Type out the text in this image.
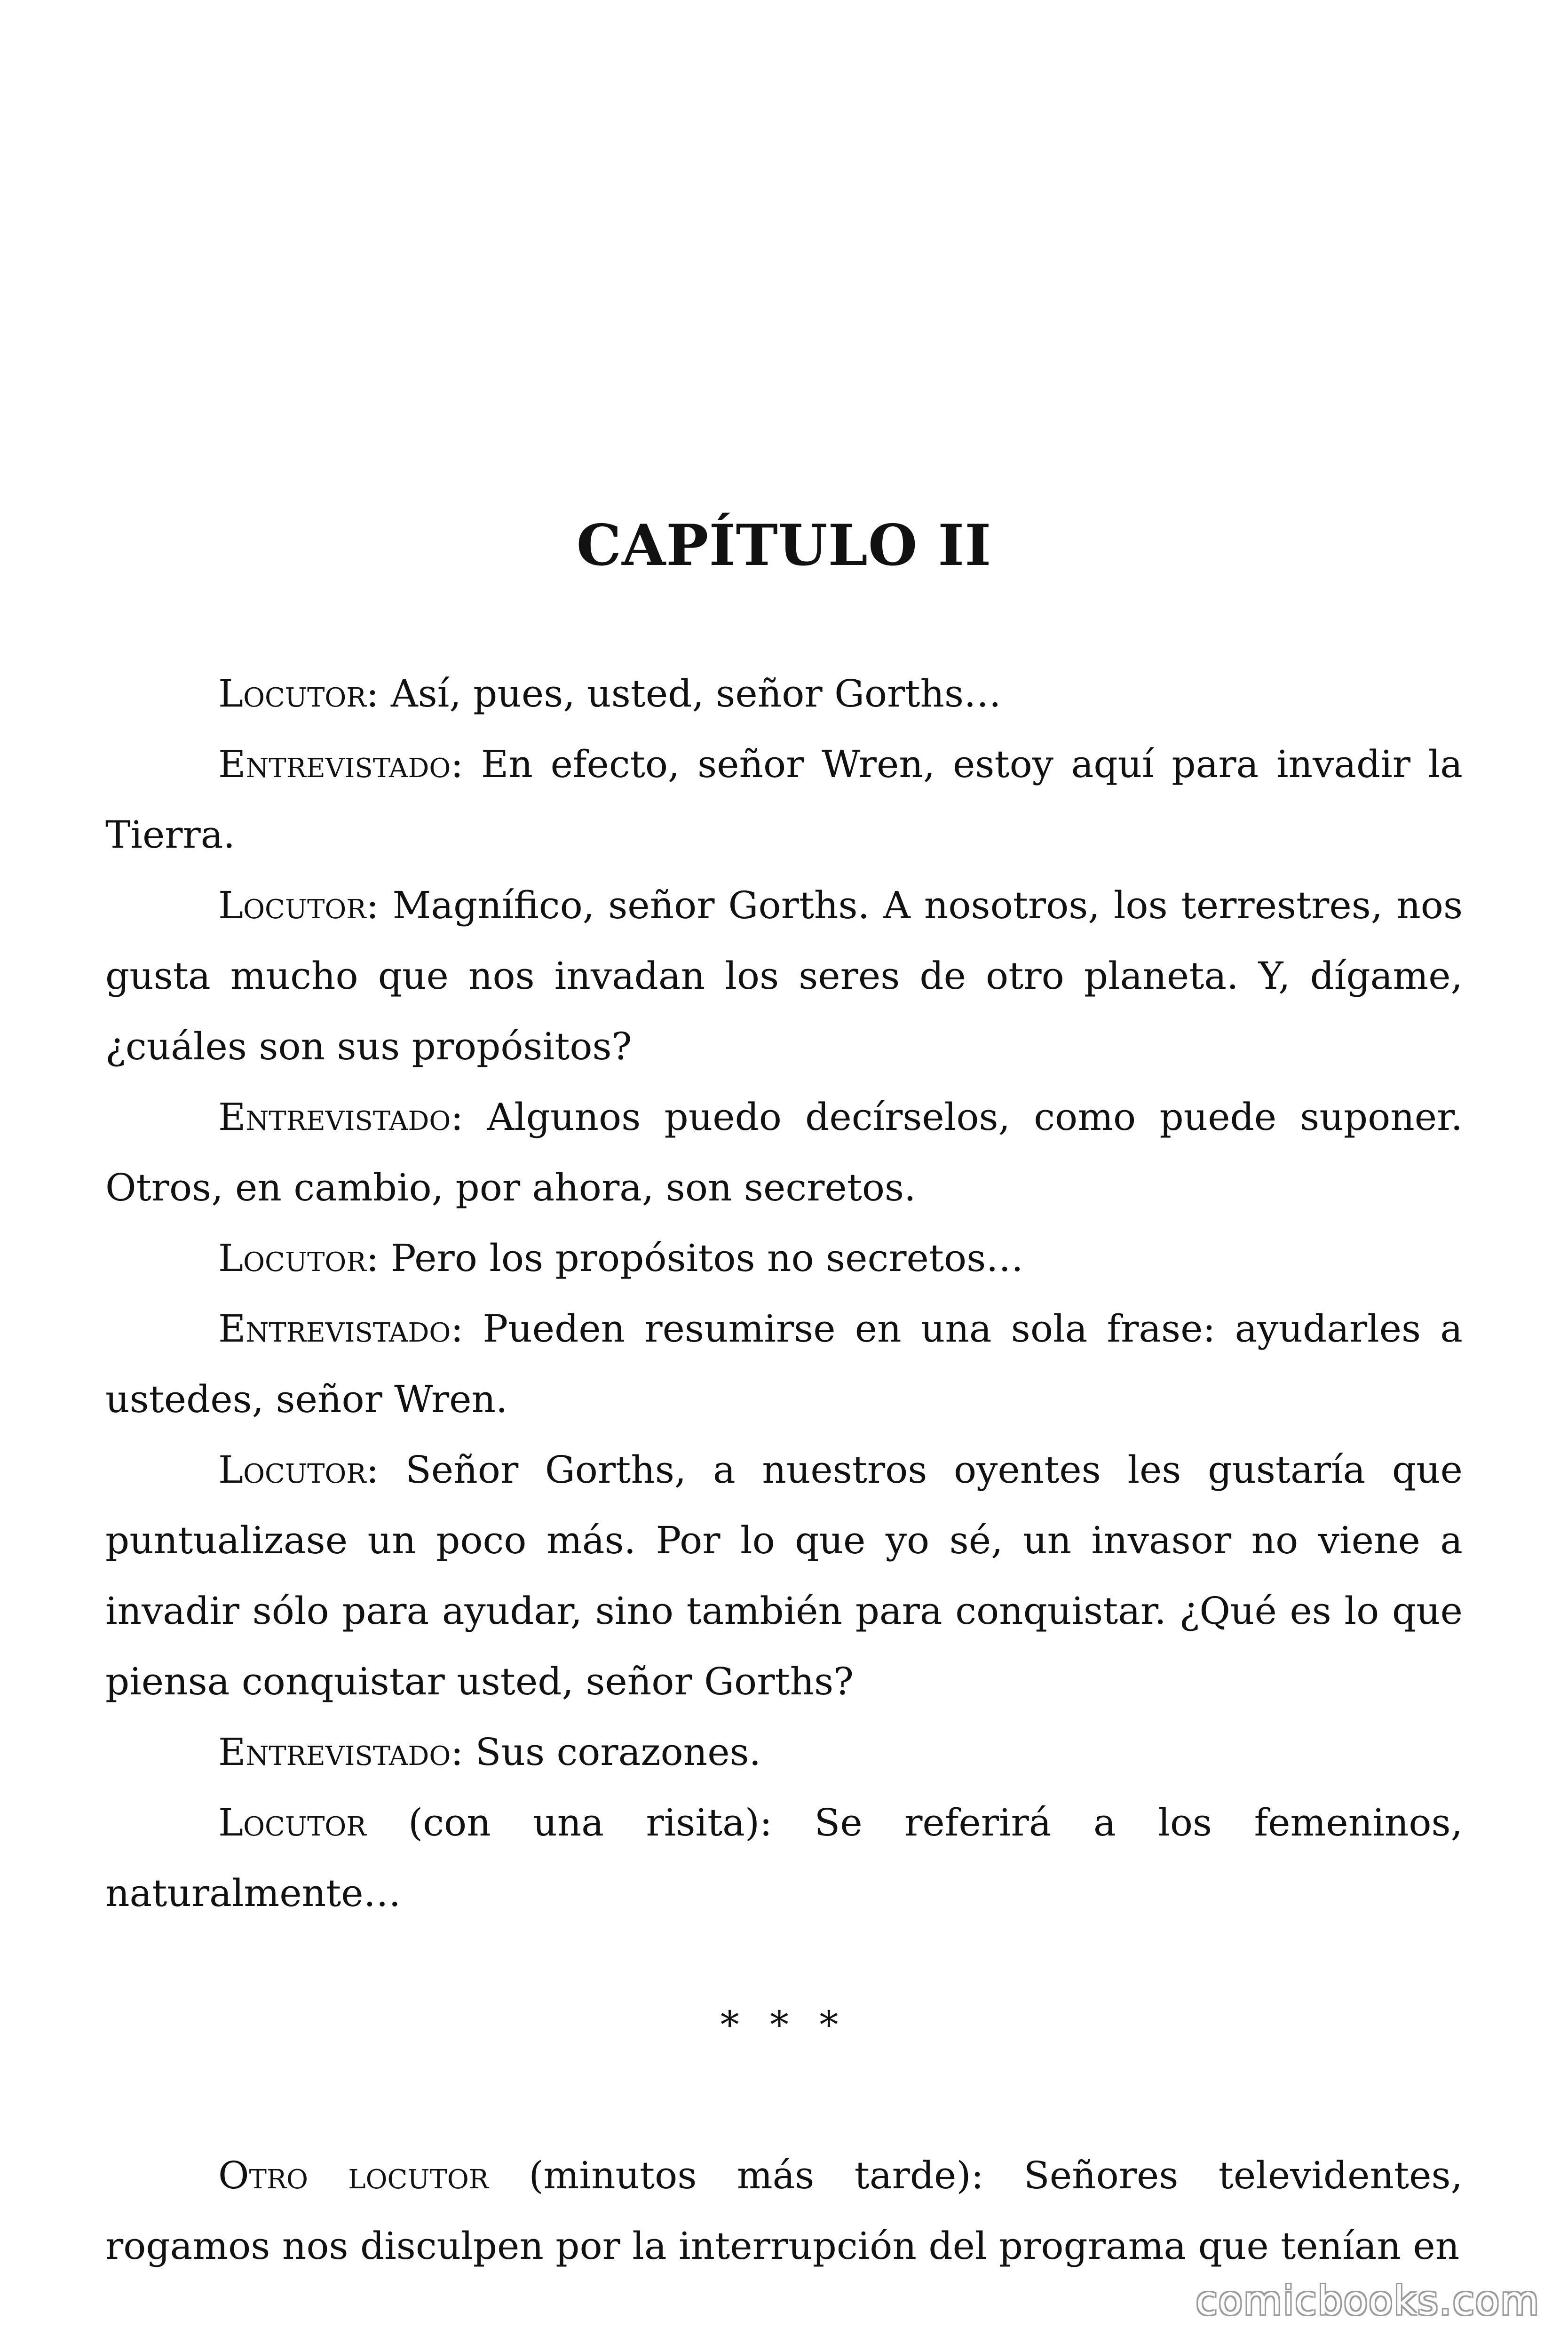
CAPÍTULO II

Locutor: Así, pues, usted, señor Gorths…

Entrevistado: En efecto, señor Wren, estoy aquí para invadir la Tierra.

Locutor: Magnífico, señor Gorths. A nosotros, los terrestres, nos gusta mucho que nos invadan los seres de otro planeta. Y, dígame, ¿cuáles son sus propósitos?

Entrevistado: Algunos puedo decírselos, como puede suponer. Otros, en cambio, por ahora, son secretos.

Locutor: Pero los propósitos no secretos…

Entrevistado: Pueden resumirse en una sola frase: ayudarles a ustedes, señor Wren.

Locutor: Señor Gorths, a nuestros oyentes les gustaría que puntualizase un poco más. Por lo que yo sé, un invasor no viene a invadir sólo para ayudar, sino también para conquistar. ¿Qué es lo que piensa conquistar usted, señor Gorths?

Entrevistado: Sus corazones.

Locutor (con una risita): Se referirá a los femeninos, naturalmente…

* * *

Otro locutor (minutos más tarde): Señores televidentes, rogamos nos disculpen por la interrupción del programa que tenían en

comicbooks.com
